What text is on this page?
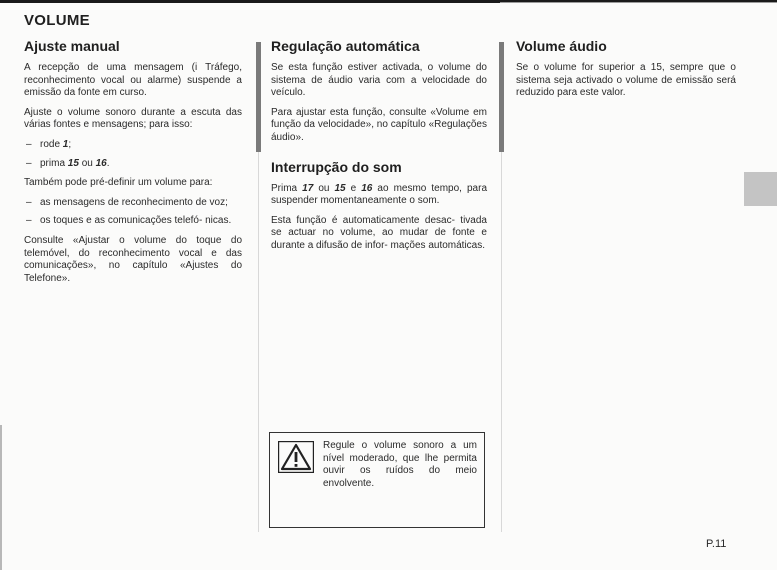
VOLUME
Ajuste manual

A recepção de uma mensagem (i Tráfego, reconhecimento vocal ou alarme) suspende a emissão da fonte em curso.

Ajuste o volume sonoro durante a escuta das várias fontes e mensagens; para isso:

– rode 1;
– prima 15 ou 16.

Também pode pré-definir um volume para:

– as mensagens de reconhecimento de voz;
– os toques e as comunicações telefó- nicas.

Consulte «Ajustar o volume do toque do telemóvel, do reconhecimento vocal e das comunicações», no capítulo «Ajustes do Telefone».

Regulação automática

Se esta função estiver activada, o volume do sistema de áudio varia com a velocidade do veículo.

Para ajustar esta função, consulte «Volume em função da velocidade», no capítulo «Regulações áudio».

Interrupção do som

Prima 17 ou 15 e 16 ao mesmo tempo, para suspender momentaneamente o som.

Esta função é automaticamente desac- tivada se actuar no volume, ao mudar de fonte e durante a difusão de infor- mações automáticas.

Volume áudio

Se o volume for superior a 15, sempre que o sistema seja activado o volume de emissão será reduzido para este valor.

Regule o volume sonoro a um nível moderado, que lhe permita ouvir os ruídos do meio envolvente.
P.11
